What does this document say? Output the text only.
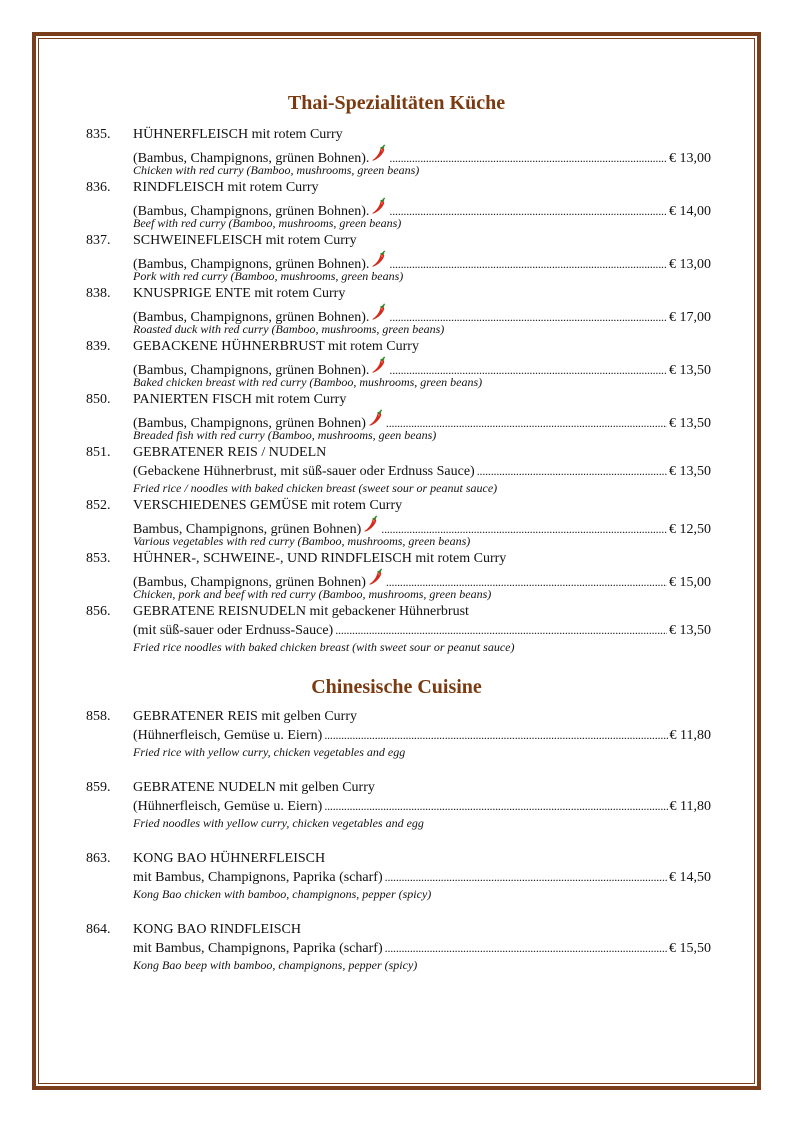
Thai-Spezialitäten Küche
835. HÜHNERFLEISCH mit rotem Curry
(Bambus, Champignons, grünen Bohnen). . . .	€ 13,00
Chicken with red curry (Bamboo, mushrooms, green beans)
836. RINDFLEISCH mit rotem Curry
(Bambus, Champignons, grünen Bohnen). . . .	€ 14,00
Beef with red curry (Bamboo, mushrooms, green beans)
837. SCHWEINEFLEISCH mit rotem Curry
(Bambus, Champignons, grünen Bohnen). . . .	€ 13,00
Pork with red curry (Bamboo, mushrooms, green beans)
838. KNUSPRIGE ENTE mit rotem Curry
(Bambus, Champignons, grünen Bohnen). . . .	€ 17,00
Roasted duck with red curry (Bamboo, mushrooms, green beans)
839. GEBACKENE HÜHNERBRUST mit rotem Curry
(Bambus, Champignons, grünen Bohnen). . . .	€ 13,50
Baked chicken breast with red curry (Bamboo, mushrooms, green beans)
850. PANIERTEN FISCH mit rotem Curry
(Bambus, Champignons, grünen Bohnen) . . .	€ 13,50
Breaded fish with red curry (Bamboo, mushrooms, geen beans)
851. GEBRATENER REIS / NUDELN
(Gebackene Hühnerbrust, mit süß-sauer oder Erdnuss Sauce) . . .	€ 13,50
Fried rice / noodles with baked chicken breast (sweet sour or peanut sauce)
852. VERSCHIEDENES GEMÜSE mit rotem Curry
Bambus, Champignons, grünen Bohnen) . . .	€ 12,50
Various vegetables with red curry (Bamboo, mushrooms, green beans)
853. HÜHNER-, SCHWEINE-, UND RINDFLEISCH mit rotem Curry
(Bambus, Champignons, grünen Bohnen) . . .	€ 15,00
Chicken, pork and beef with red curry (Bamboo, mushrooms, green beans)
856. GEBRATENE REISNUDELN mit gebackener Hühnerbrust
(mit süß-sauer oder Erdnuss-Sauce) . . .	€ 13,50
Fried rice noodles with baked chicken breast (with sweet sour or peanut sauce)
Chinesische Cuisine
858. GEBRATENER REIS mit gelben Curry
(Hühnerfleisch, Gemüse u. Eiern) . . .	€ 11,80
Fried rice with yellow curry, chicken vegetables and egg
859. GEBRATENE NUDELN mit gelben Curry
(Hühnerfleisch, Gemüse u. Eiern) . . .	€ 11,80
Fried noodles with yellow curry, chicken vegetables and egg
863. KONG BAO HÜHNERFLEISCH
mit Bambus, Champignons, Paprika (scharf) . . .	€ 14,50
Kong Bao chicken with bamboo, champignons, pepper (spicy)
864. KONG BAO RINDFLEISCH
mit Bambus, Champignons, Paprika (scharf) . . .	€ 15,50
Kong Bao beep with bamboo, champignons, pepper (spicy)
